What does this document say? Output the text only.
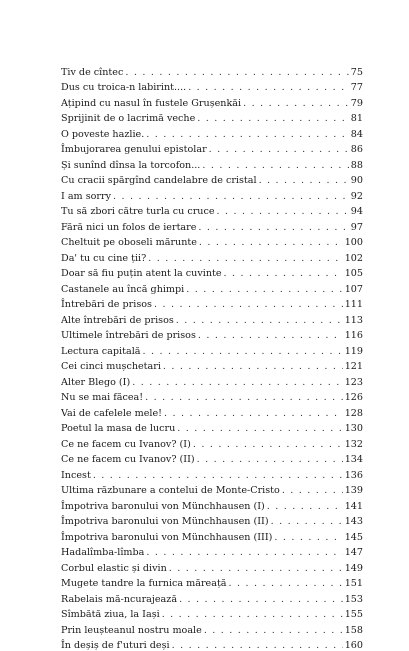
Tiv de cîntec . . .	75
Dus cu troica-n labirint.... . . .	77
Ațipind cu nasul în fustele Grușenkăi . . .	79
Sprijinit de o lacrimă veche . . .	81
O poveste hazlie. . . .	84
Îmbujorarea genului epistolar . . .	86
Și sunînd dînsa la torcofon... . . .	88
Cu cracii spărgînd candelabre de cristal . . .	90
I am sorry . . .	92
Tu să zbori către turla cu cruce . . .	94
Fără nici un folos de iertare . . .	97
Cheltuit pe oboseli mărunte . . .	100
Da' tu cu cine ții? . . .	102
Doar să fiu puțin atent la cuvinte . . .	105
Castanele au încă ghimpi . . .	107
Întrebări de prisos . . .	111
Alte întrebări de prisos . . .	113
Ultimele întrebări de prisos . . .	116
Lectura capitală . . .	119
Cei cinci mușchetari . . .	121
Alter Blego (I) . . .	123
Nu se mai făcea! . . .	126
Vai de cafelele mele! . . .	128
Poetul la masa de lucru . . .	130
Ce ne facem cu Ivanov? (I) . . .	132
Ce ne facem cu Ivanov? (II) . . .	134
Incest . . .	136
Ultima răzbunare a contelui de Monte-Cristo . . .	139
Împotriva baronului von Münchhausen (I) . . .	141
Împotriva baronului von Münchhausen (II) . . .	143
Împotriva baronului von Münchhausen (III) . . .	145
Hadalîmba-lîmba . . .	147
Corbul elastic și divin . . .	149
Mugete tandre la furnica măreață . . .	151
Rabelais mă-ncurajează . . .	153
Sîmbătă ziua, la Iași . . .	155
Prin leușteanul nostru moale . . .	158
În deșiș de f'uturi deși . . .	160
